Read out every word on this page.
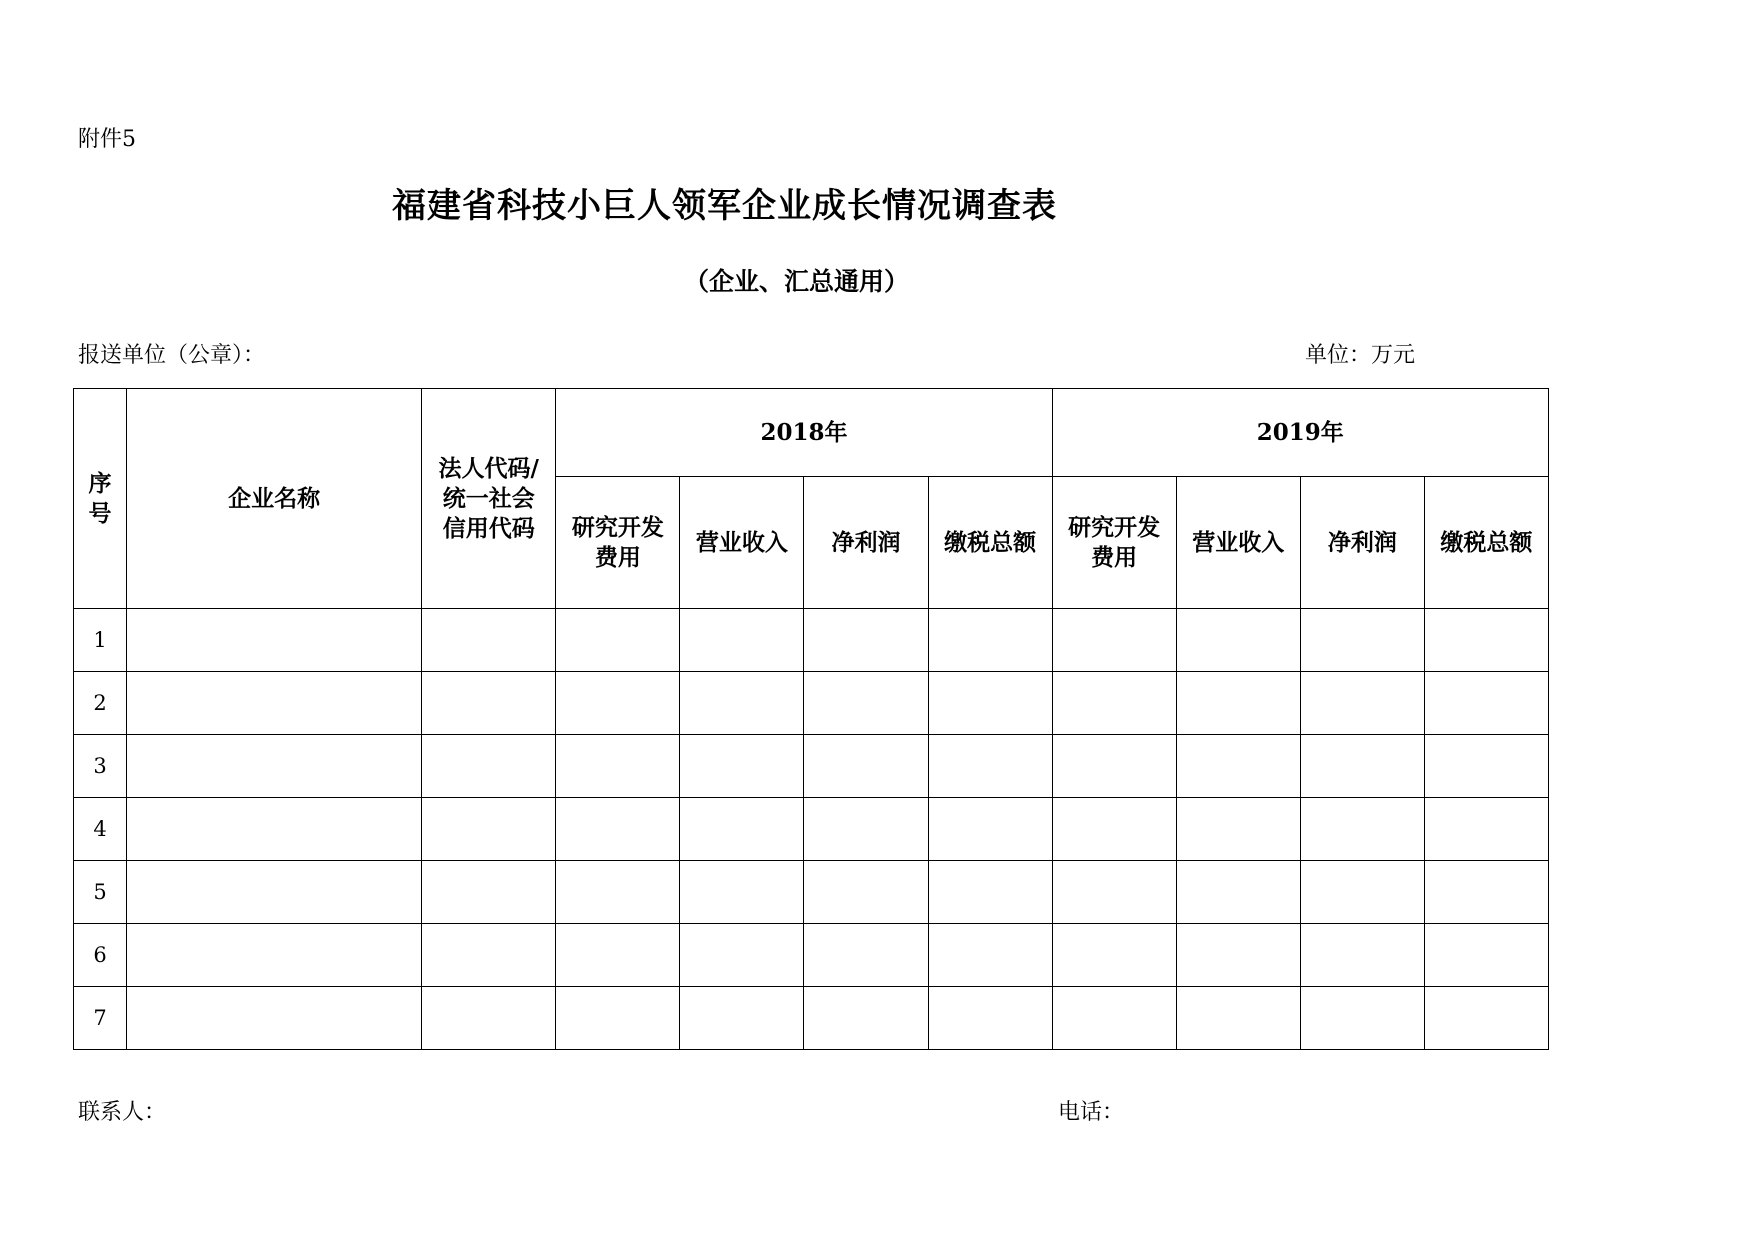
附件5
福建省科技小巨人领军企业成长情况调查表
（企业、汇总通用）
报送单位（公章）：	单位：万元
序号	企业名称	法人代码/统一社会信用代码	2018年				2019年			
			研究开发费用	营业收入	净利润	缴税总额	研究开发费用	营业收入	净利润	缴税总额
1										
2										
3										
4										
5										
6										
7										
联系人：	电话：
